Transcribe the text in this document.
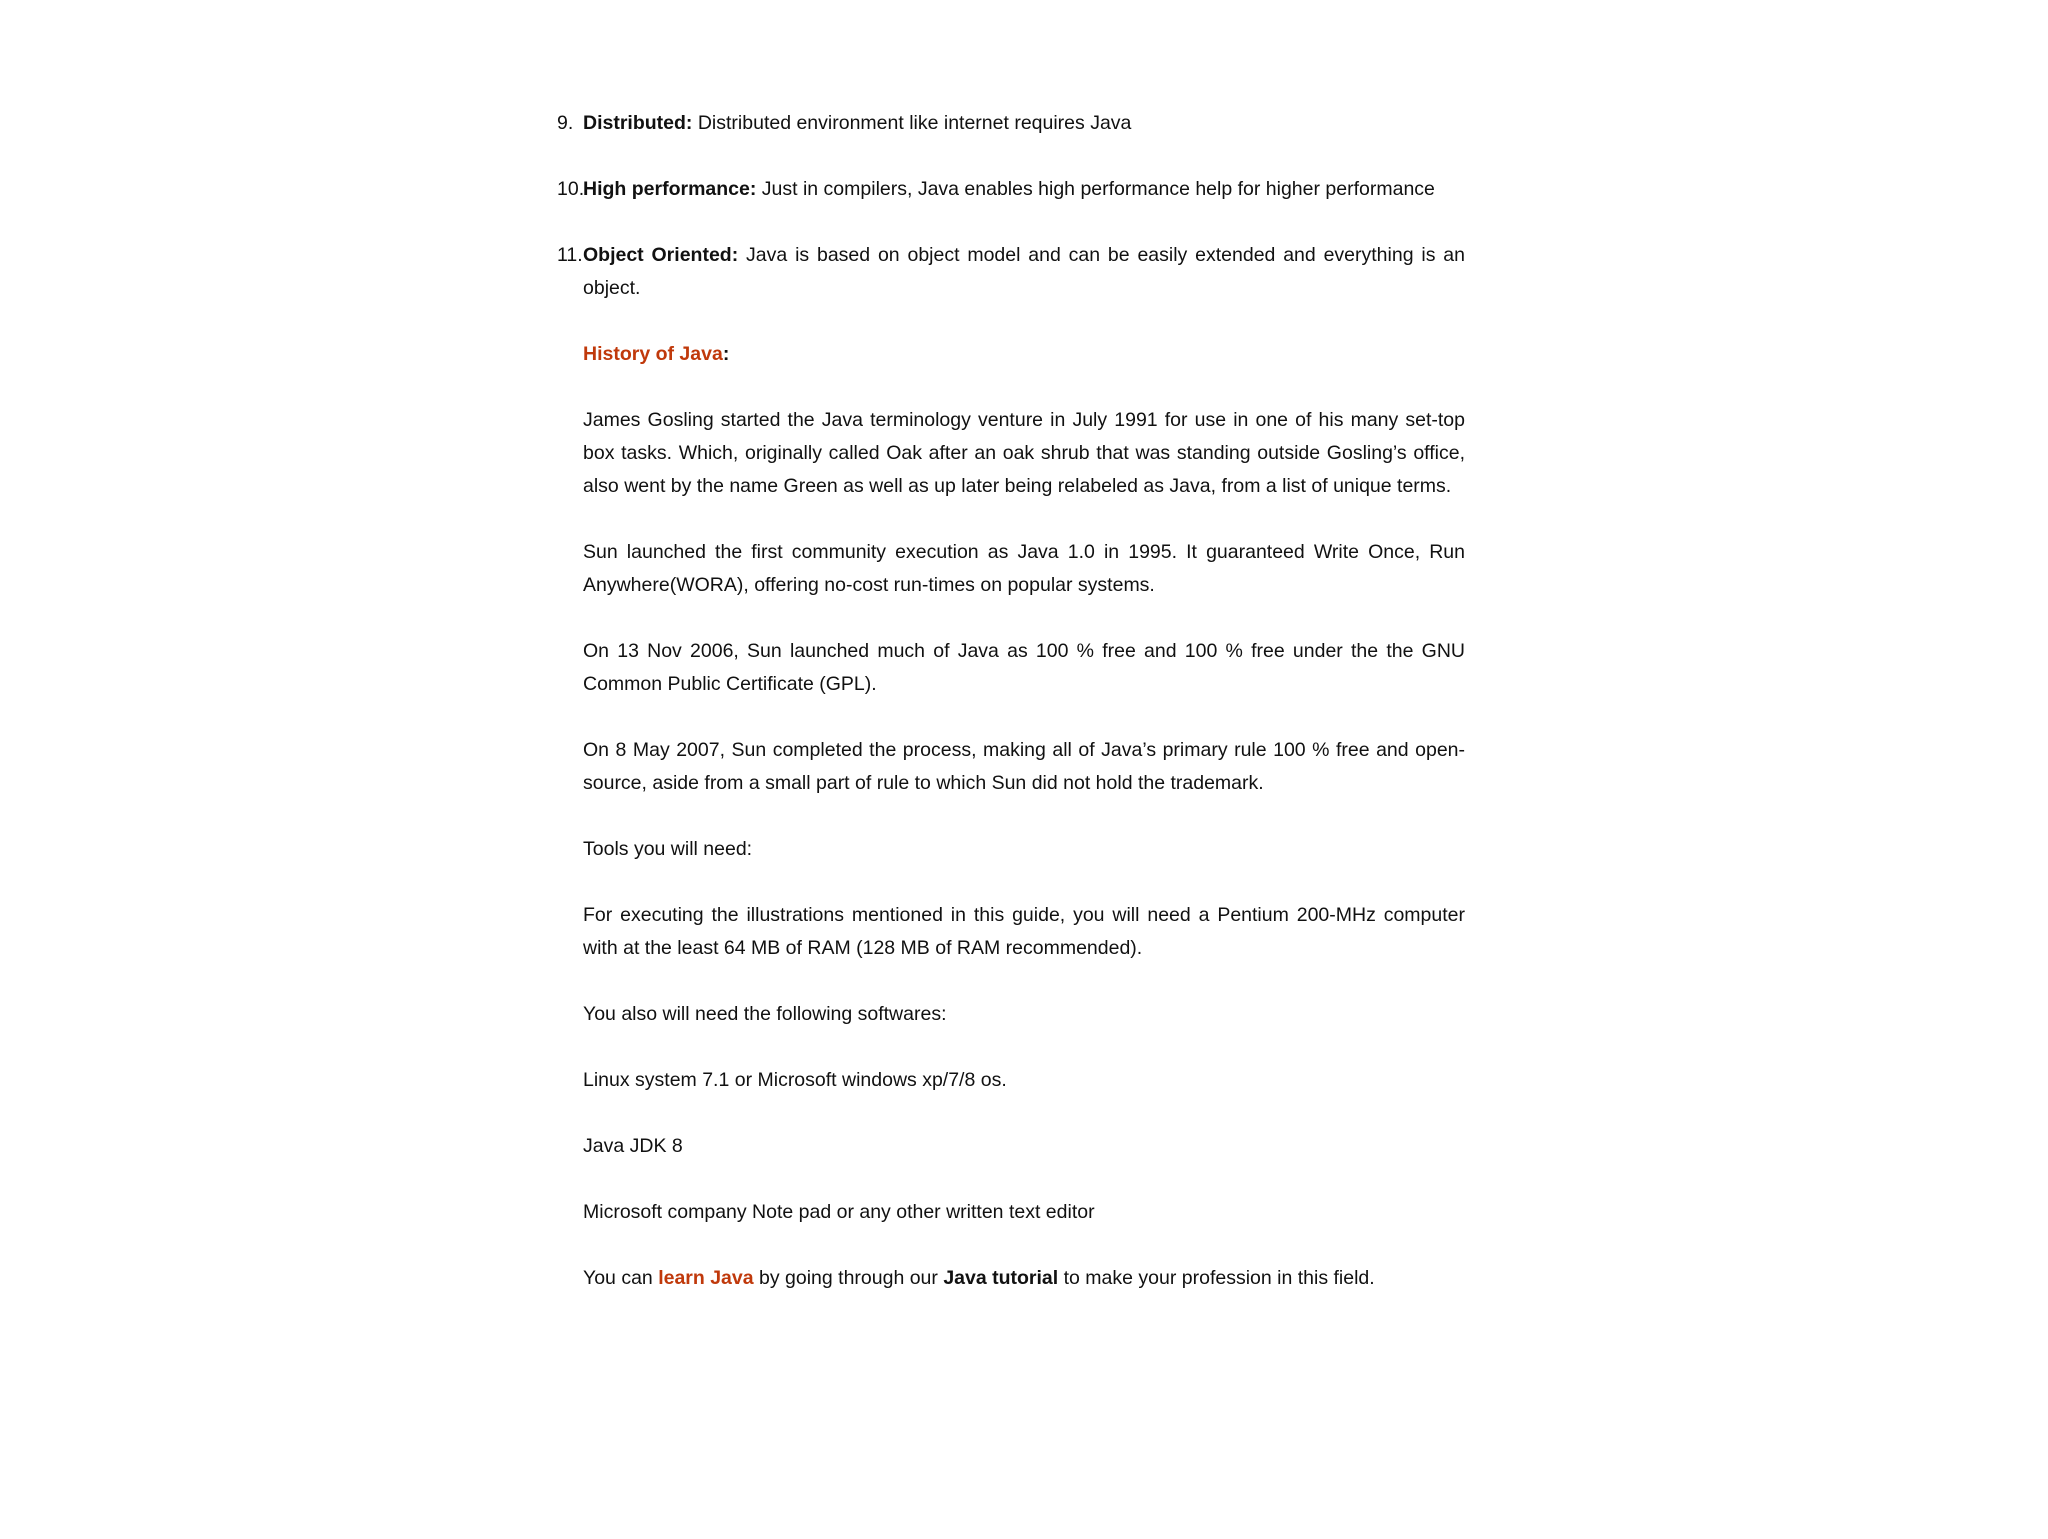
9. Distributed: Distributed environment like internet requires Java
10.
High performance: Just in compilers, Java enables high performance help for higher performance
11. Object Oriented: Java is based on object model and can be easily extended and everything is an object.
History of Java:

James Gosling started the Java terminology venture in July 1991 for use in one of his many set-top box tasks. Which, originally called Oak after an oak shrub that was standing outside Gosling’s office, also went by the name Green as well as up later being relabeled as Java, from a list of unique terms.

Sun launched the first community execution as Java 1.0 in 1995. It guaranteed Write Once, Run Anywhere(WORA), offering no-cost run-times on popular systems.

On 13 Nov 2006, Sun launched much of Java as 100 % free and 100 % free under the the GNU Common Public Certificate (GPL).

On 8 May 2007, Sun completed the process, making all of Java’s primary rule 100 % free and open-source, aside from a small part of rule to which Sun did not hold the trademark.

Tools you will need:

For executing the illustrations mentioned in this guide, you will need a Pentium 200-MHz computer with at the least 64 MB of RAM (128 MB of RAM recommended).

You also will need the following softwares:

Linux system 7.1 or Microsoft windows xp/7/8 os.

Java JDK 8

Microsoft company Note pad or any other written text editor

You can learn Java by going through our Java tutorial to make your profession in this field.
